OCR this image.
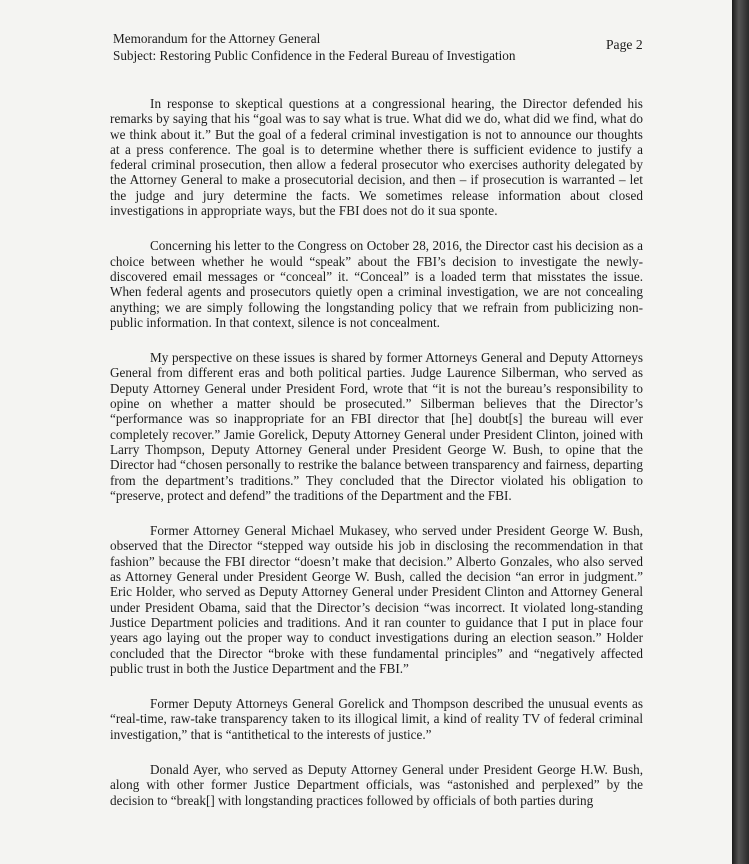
Memorandum for the Attorney General
Subject: Restoring Public Confidence in the Federal Bureau of Investigation
Page 2

In response to skeptical questions at a congressional hearing, the Director defended his remarks by saying that his “goal was to say what is true. What did we do, what did we find, what do we think about it.” But the goal of a federal criminal investigation is not to announce our thoughts at a press conference. The goal is to determine whether there is sufficient evidence to justify a federal criminal prosecution, then allow a federal prosecutor who exercises authority delegated by the Attorney General to make a prosecutorial decision, and then – if prosecution is warranted – let the judge and jury determine the facts. We sometimes release information about closed investigations in appropriate ways, but the FBI does not do it sua sponte.

Concerning his letter to the Congress on October 28, 2016, the Director cast his decision as a choice between whether he would “speak” about the FBI’s decision to investigate the newly-discovered email messages or “conceal” it. “Conceal” is a loaded term that misstates the issue. When federal agents and prosecutors quietly open a criminal investigation, we are not concealing anything; we are simply following the longstanding policy that we refrain from publicizing non-public information. In that context, silence is not concealment.

My perspective on these issues is shared by former Attorneys General and Deputy Attorneys General from different eras and both political parties. Judge Laurence Silberman, who served as Deputy Attorney General under President Ford, wrote that “it is not the bureau’s responsibility to opine on whether a matter should be prosecuted.” Silberman believes that the Director’s “performance was so inappropriate for an FBI director that [he] doubt[s] the bureau will ever completely recover.” Jamie Gorelick, Deputy Attorney General under President Clinton, joined with Larry Thompson, Deputy Attorney General under President George W. Bush, to opine that the Director had “chosen personally to restrike the balance between transparency and fairness, departing from the department’s traditions.” They concluded that the Director violated his obligation to “preserve, protect and defend” the traditions of the Department and the FBI.

Former Attorney General Michael Mukasey, who served under President George W. Bush, observed that the Director “stepped way outside his job in disclosing the recommendation in that fashion” because the FBI director “doesn’t make that decision.” Alberto Gonzales, who also served as Attorney General under President George W. Bush, called the decision “an error in judgment.” Eric Holder, who served as Deputy Attorney General under President Clinton and Attorney General under President Obama, said that the Director’s decision “was incorrect. It violated long-standing Justice Department policies and traditions. And it ran counter to guidance that I put in place four years ago laying out the proper way to conduct investigations during an election season.” Holder concluded that the Director “broke with these fundamental principles” and “negatively affected public trust in both the Justice Department and the FBI.”

Former Deputy Attorneys General Gorelick and Thompson described the unusual events as “real-time, raw-take transparency taken to its illogical limit, a kind of reality TV of federal criminal investigation,” that is “antithetical to the interests of justice.”

Donald Ayer, who served as Deputy Attorney General under President George H.W. Bush, along with other former Justice Department officials, was “astonished and perplexed” by the decision to “break[] with longstanding practices followed by officials of both parties during
